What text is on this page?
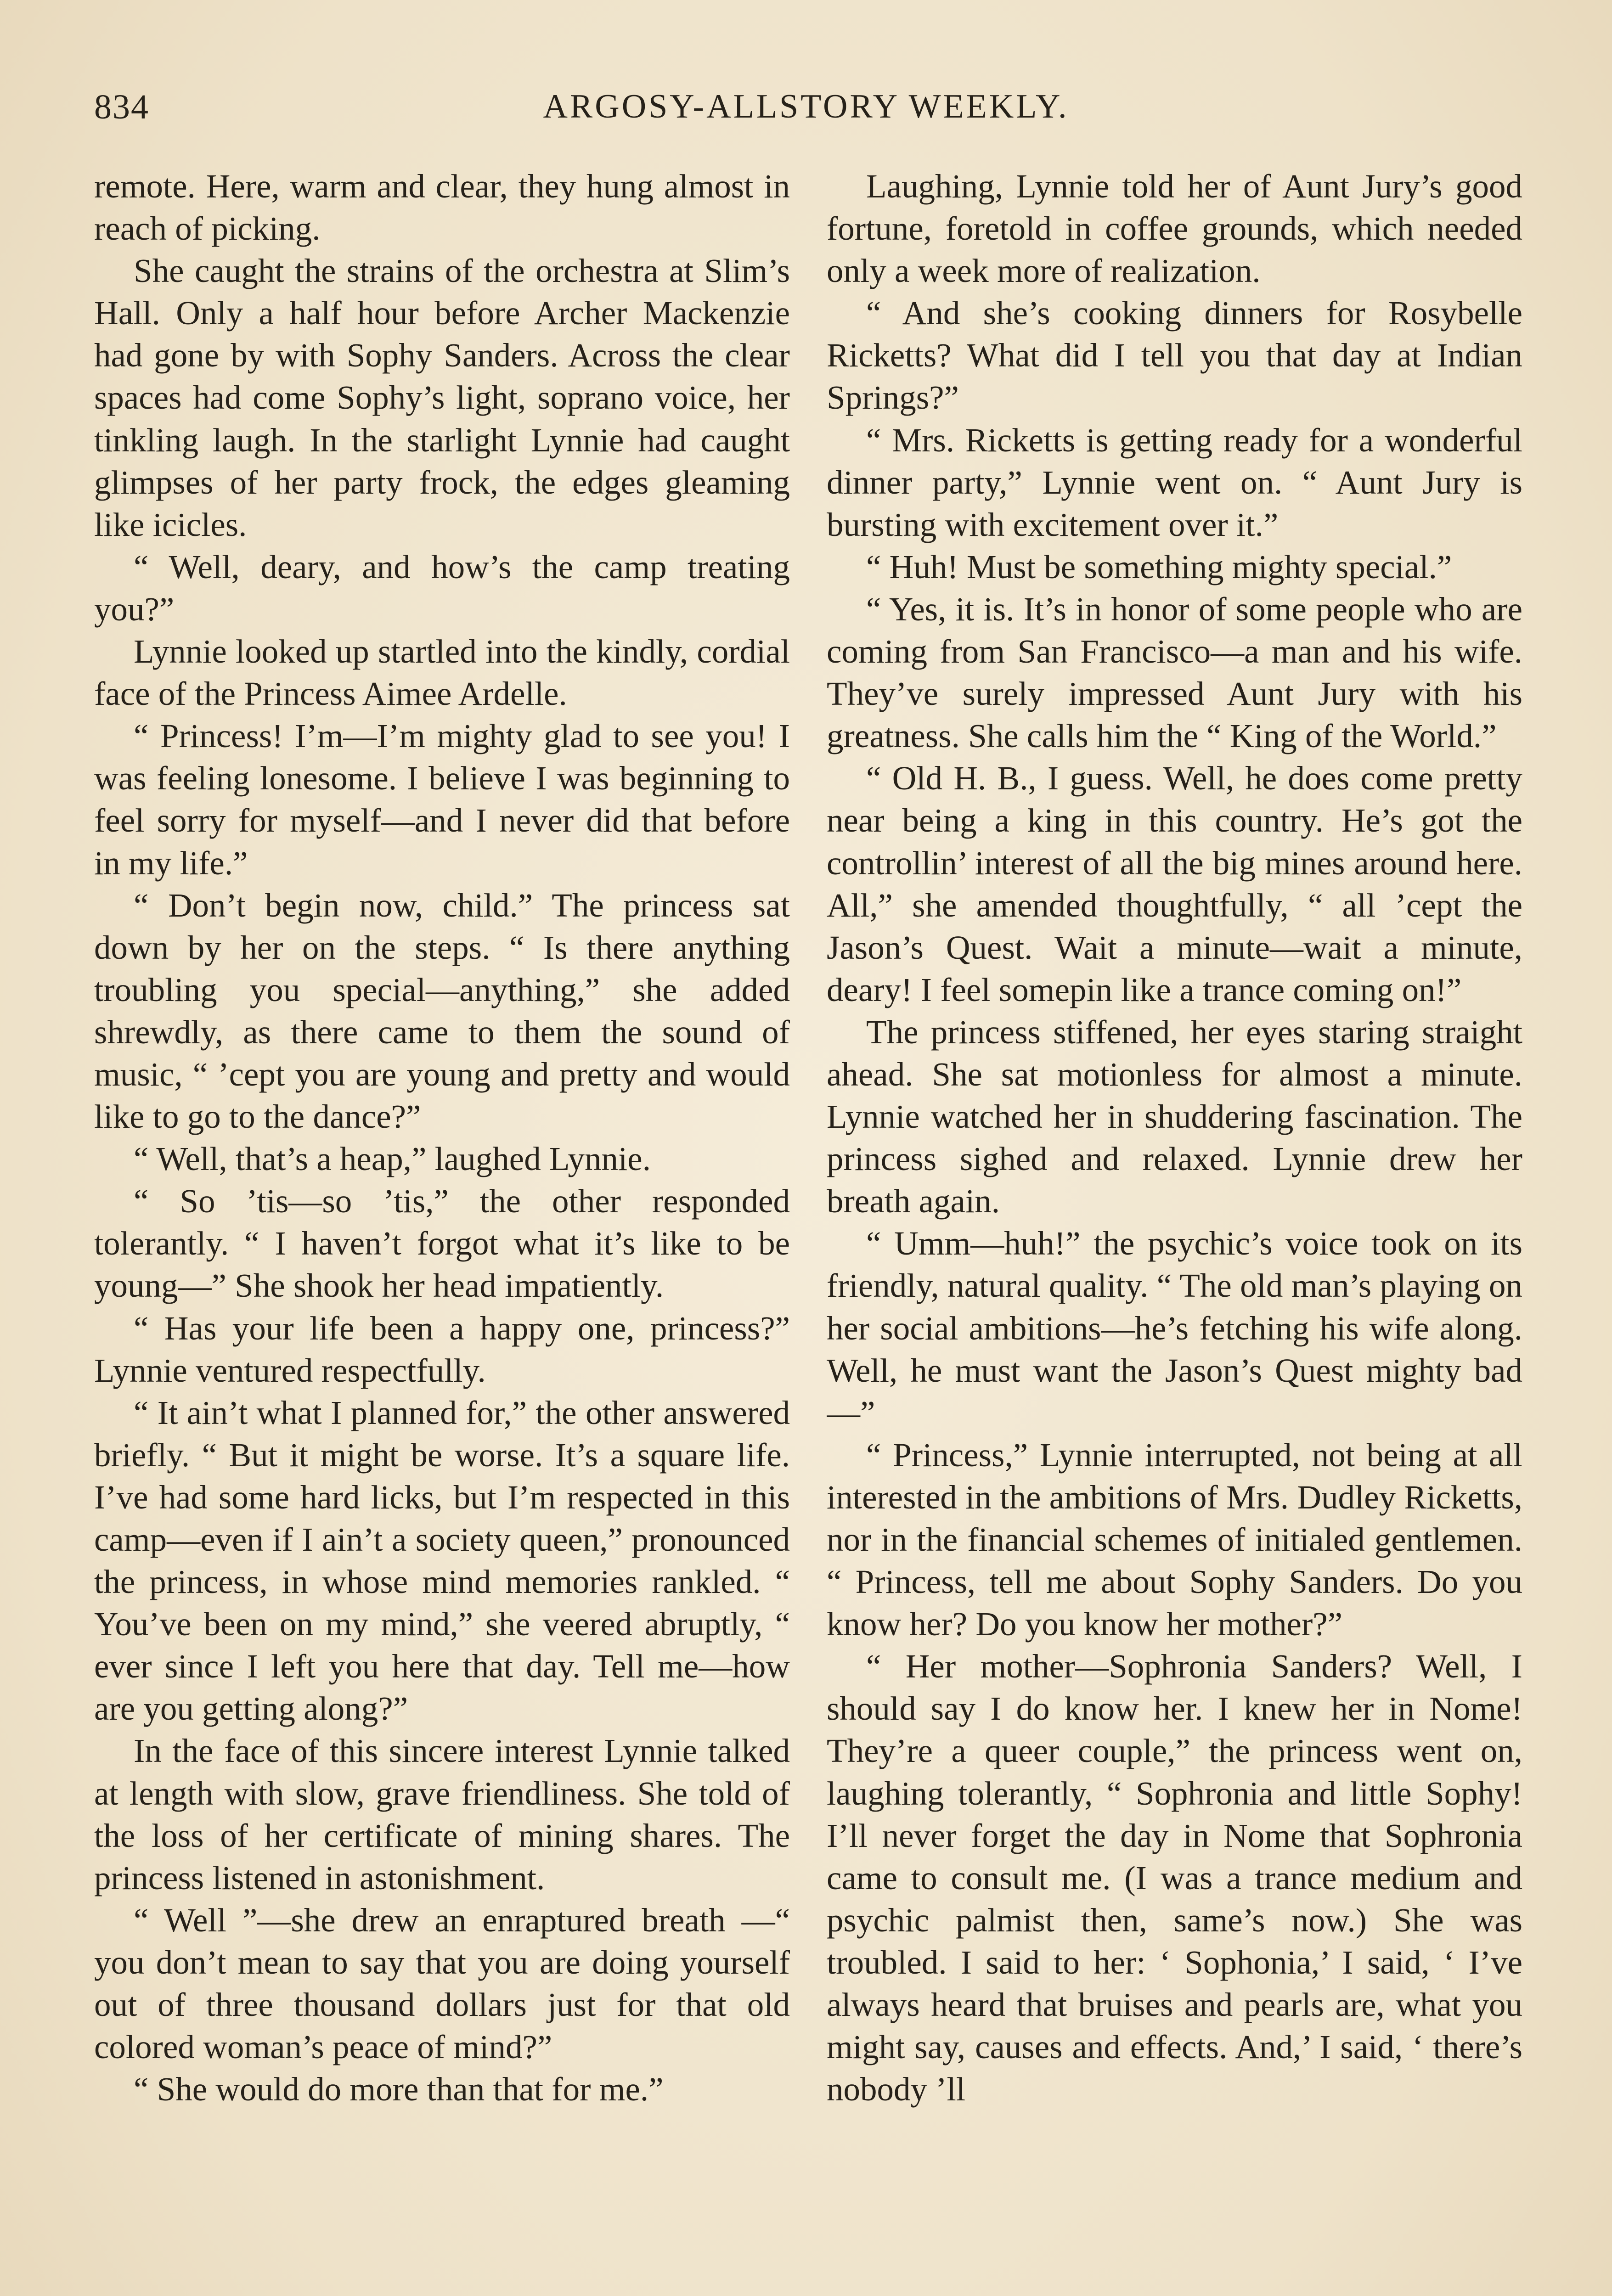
834	ARGOSY-ALLSTORY WEEKLY.

remote. Here, warm and clear, they hung almost in reach of picking.

She caught the strains of the orchestra at Slim’s Hall. Only a half hour before Archer Mackenzie had gone by with Sophy Sanders. Across the clear spaces had come Sophy’s light, soprano voice, her tinkling laugh. In the starlight Lynnie had caught glimpses of her party frock, the edges gleaming like icicles.

“ Well, deary, and how’s the camp treating you?”

Lynnie looked up startled into the kindly, cordial face of the Princess Aimee Ardelle.

“ Princess! I’m—I’m mighty glad to see you! I was feeling lonesome. I believe I was beginning to feel sorry for myself—and I never did that before in my life.”

“ Don’t begin now, child.” The princess sat down by her on the steps. “ Is there anything troubling you special—anything,” she added shrewdly, as there came to them the sound of music, “ ’cept you are young and pretty and would like to go to the dance?”

“ Well, that’s a heap,” laughed Lynnie.

“ So ’tis—so ’tis,” the other responded tolerantly. “ I haven’t forgot what it’s like to be young—” She shook her head impatiently.

“ Has your life been a happy one, princess?” Lynnie ventured respectfully.

“ It ain’t what I planned for,” the other answered briefly. “ But it might be worse. It’s a square life. I’ve had some hard licks, but I’m respected in this camp—even if I ain’t a society queen,” pronounced the princess, in whose mind memories rankled. “ You’ve been on my mind,” she veered abruptly, “ ever since I left you here that day. Tell me—how are you getting along?”

In the face of this sincere interest Lynnie talked at length with slow, grave friendliness. She told of the loss of her certificate of mining shares. The princess listened in astonishment.

“ Well ”—she drew an enraptured breath —“ you don’t mean to say that you are doing yourself out of three thousand dollars just for that old colored woman’s peace of mind?”

“ She would do more than that for me.”

Laughing, Lynnie told her of Aunt Jury’s good fortune, foretold in coffee grounds, which needed only a week more of realization.

“ And she’s cooking dinners for Rosybelle Ricketts? What did I tell you that day at Indian Springs?”

“ Mrs. Ricketts is getting ready for a wonderful dinner party,” Lynnie went on. “ Aunt Jury is bursting with excitement over it.”

“ Huh! Must be something mighty special.”

“ Yes, it is. It’s in honor of some people who are coming from San Francisco—a man and his wife. They’ve surely impressed Aunt Jury with his greatness. She calls him the “ King of the World.”

“ Old H. B., I guess. Well, he does come pretty near being a king in this country. He’s got the controllin’ interest of all the big mines around here. All,” she amended thoughtfully, “ all ’cept the Jason’s Quest. Wait a minute—wait a minute, deary! I feel somepin like a trance coming on!”

The princess stiffened, her eyes staring straight ahead. She sat motionless for almost a minute. Lynnie watched her in shuddering fascination. The princess sighed and relaxed. Lynnie drew her breath again.

“ Umm—huh!” the psychic’s voice took on its friendly, natural quality. “ The old man’s playing on her social ambitions—he’s fetching his wife along. Well, he must want the Jason’s Quest mighty bad—”

“ Princess,” Lynnie interrupted, not being at all interested in the ambitions of Mrs. Dudley Ricketts, nor in the financial schemes of initialed gentlemen. “ Princess, tell me about Sophy Sanders. Do you know her? Do you know her mother?”

“ Her mother—Sophronia Sanders? Well, I should say I do know her. I knew her in Nome! They’re a queer couple,” the princess went on, laughing tolerantly, “ Sophronia and little Sophy! I’ll never forget the day in Nome that Sophronia came to consult me. (I was a trance medium and psychic palmist then, same’s now.) She was troubled. I said to her: ‘ Sophonia,’ I said, ‘ I’ve always heard that bruises and pearls are, what you might say, causes and effects. And,’ I said, ‘ there’s nobody ’ll
